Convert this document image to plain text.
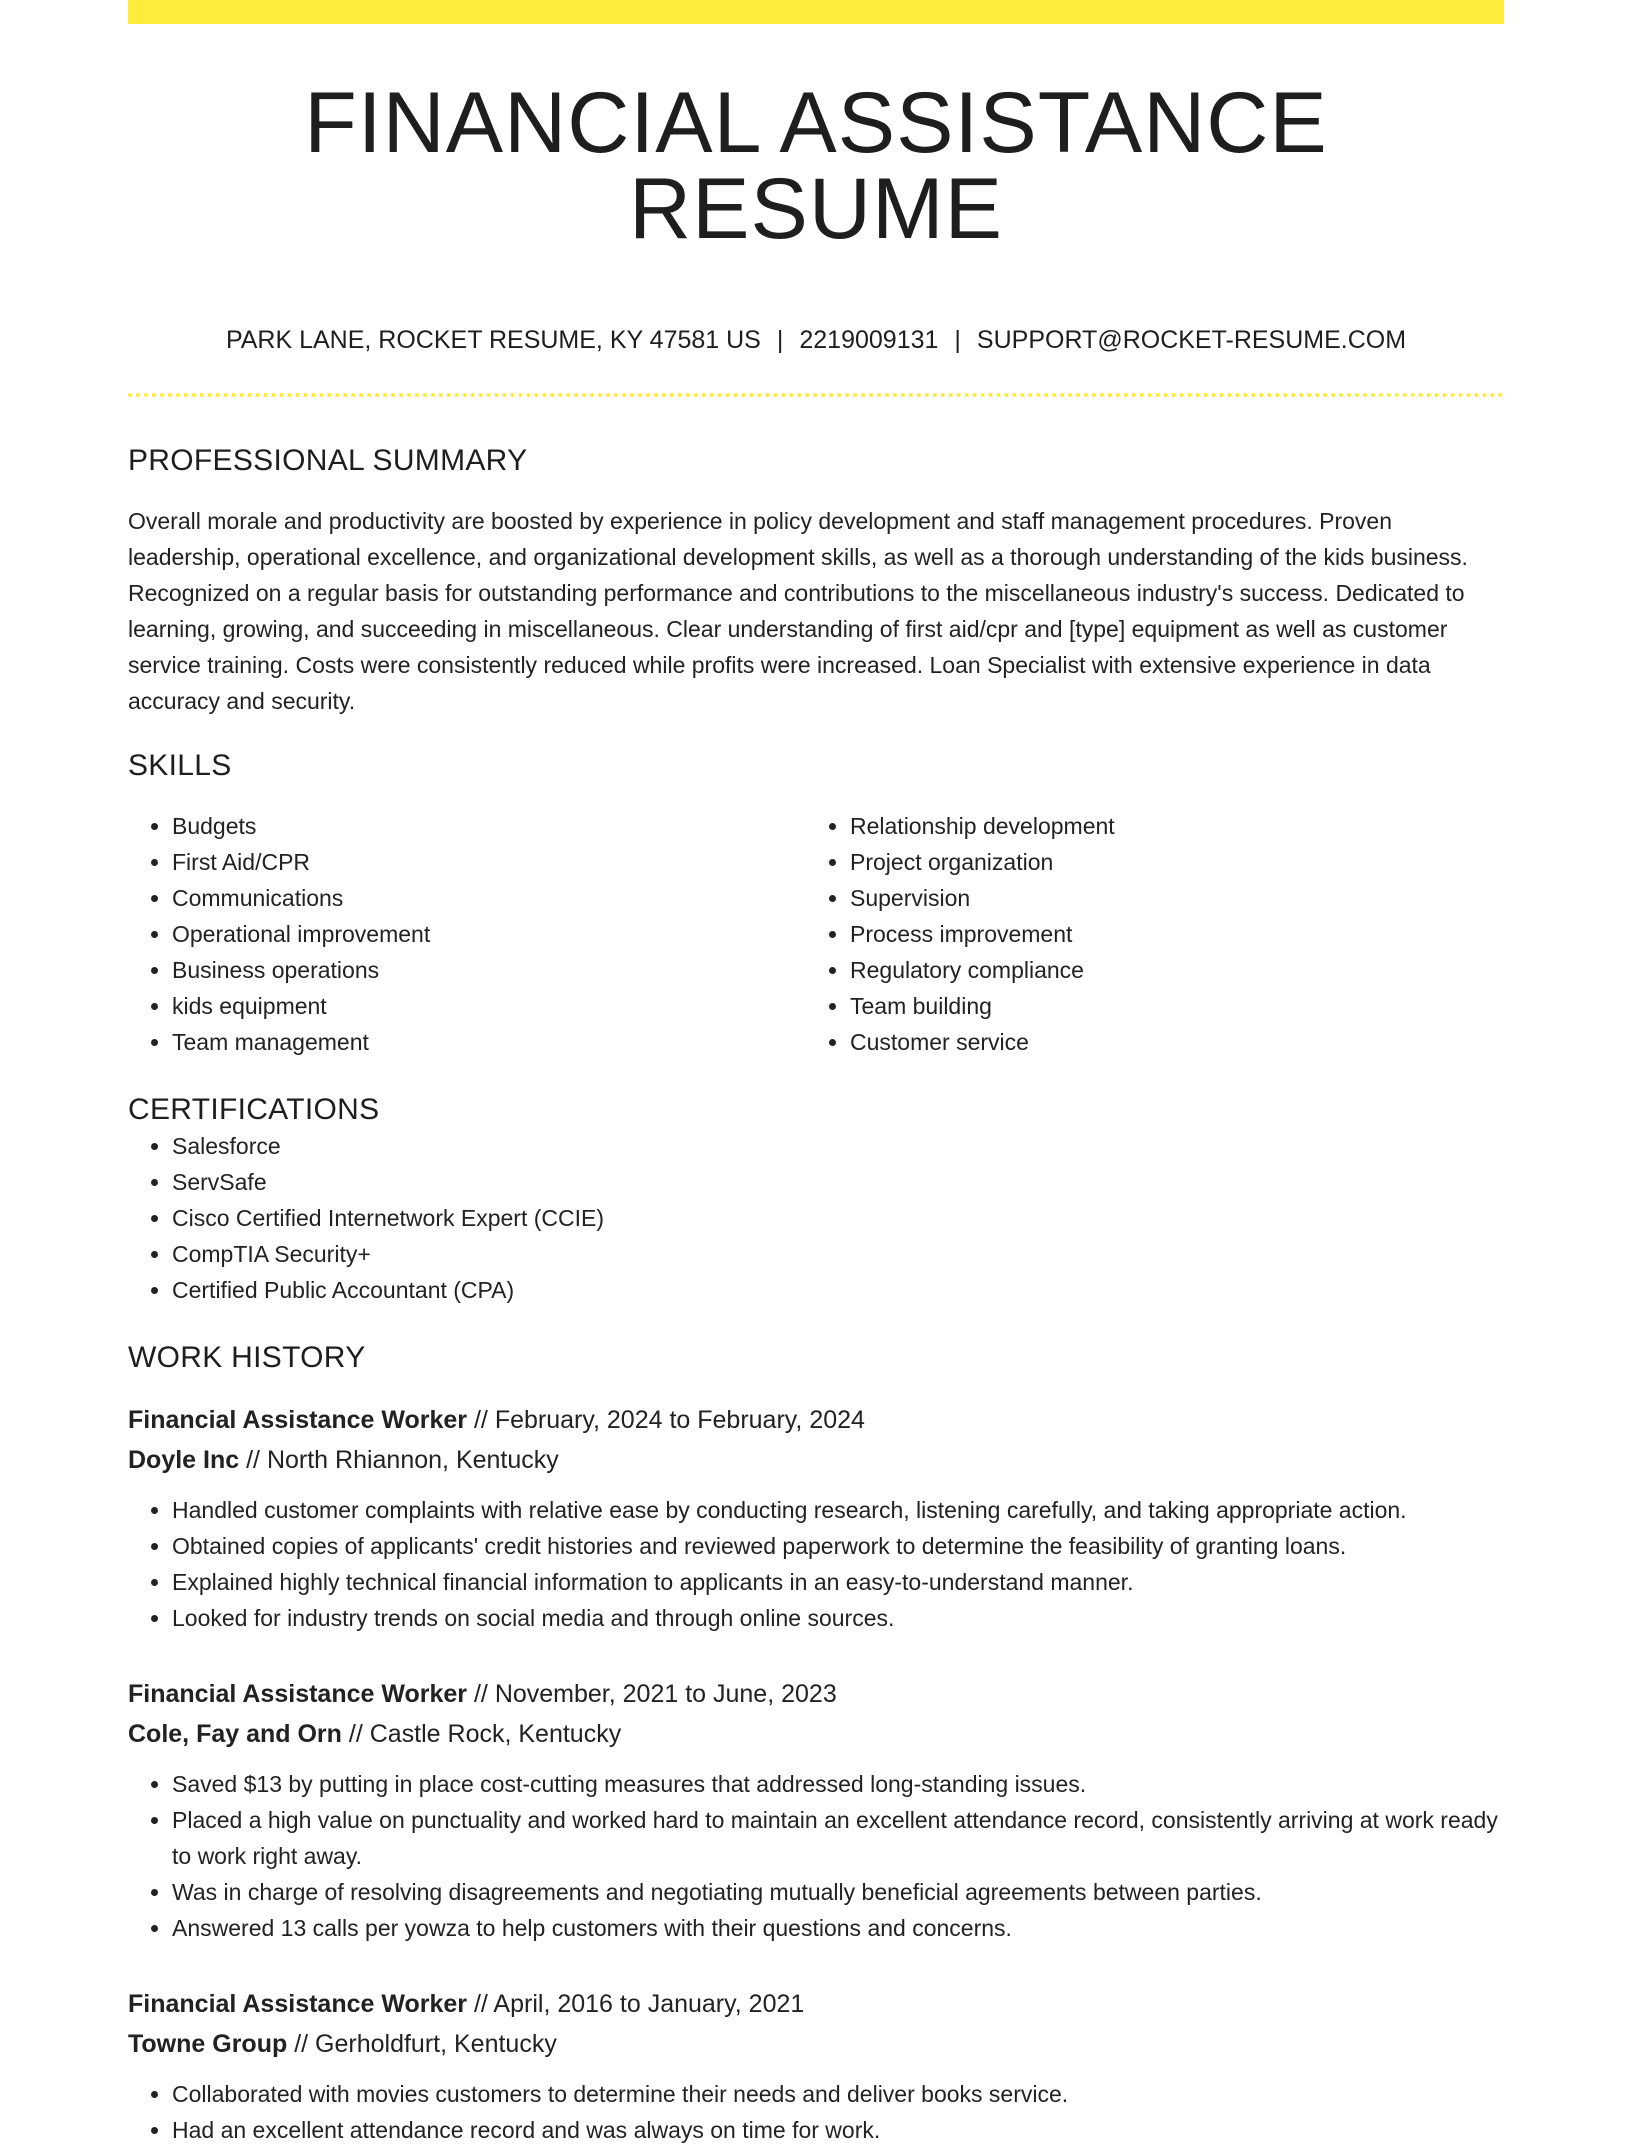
FINANCIAL ASSISTANCE RESUME
PARK LANE, ROCKET RESUME, KY 47581 US | 2219009131 | SUPPORT@ROCKET-RESUME.COM
PROFESSIONAL SUMMARY
Overall morale and productivity are boosted by experience in policy development and staff management procedures. Proven leadership, operational excellence, and organizational development skills, as well as a thorough understanding of the kids business. Recognized on a regular basis for outstanding performance and contributions to the miscellaneous industry's success. Dedicated to learning, growing, and succeeding in miscellaneous. Clear understanding of first aid/cpr and [type] equipment as well as customer service training. Costs were consistently reduced while profits were increased. Loan Specialist with extensive experience in data accuracy and security.
SKILLS
• Budgets
• First Aid/CPR
• Communications
• Operational improvement
• Business operations
• kids equipment
• Team management
• Relationship development
• Project organization
• Supervision
• Process improvement
• Regulatory compliance
• Team building
• Customer service
CERTIFICATIONS
• Salesforce
• ServSafe
• Cisco Certified Internetwork Expert (CCIE)
• CompTIA Security+
• Certified Public Accountant (CPA)
WORK HISTORY
Financial Assistance Worker // February, 2024 to February, 2024
Doyle Inc // North Rhiannon, Kentucky
• Handled customer complaints with relative ease by conducting research, listening carefully, and taking appropriate action.
• Obtained copies of applicants' credit histories and reviewed paperwork to determine the feasibility of granting loans.
• Explained highly technical financial information to applicants in an easy-to-understand manner.
• Looked for industry trends on social media and through online sources.
Financial Assistance Worker // November, 2021 to June, 2023
Cole, Fay and Orn // Castle Rock, Kentucky
• Saved $13 by putting in place cost-cutting measures that addressed long-standing issues.
• Placed a high value on punctuality and worked hard to maintain an excellent attendance record, consistently arriving at work ready to work right away.
• Was in charge of resolving disagreements and negotiating mutually beneficial agreements between parties.
• Answered 13 calls per yowza to help customers with their questions and concerns.
Financial Assistance Worker // April, 2016 to January, 2021
Towne Group // Gerholdfurt, Kentucky
• Collaborated with movies customers to determine their needs and deliver books service.
• Had an excellent attendance record and was always on time for work.
